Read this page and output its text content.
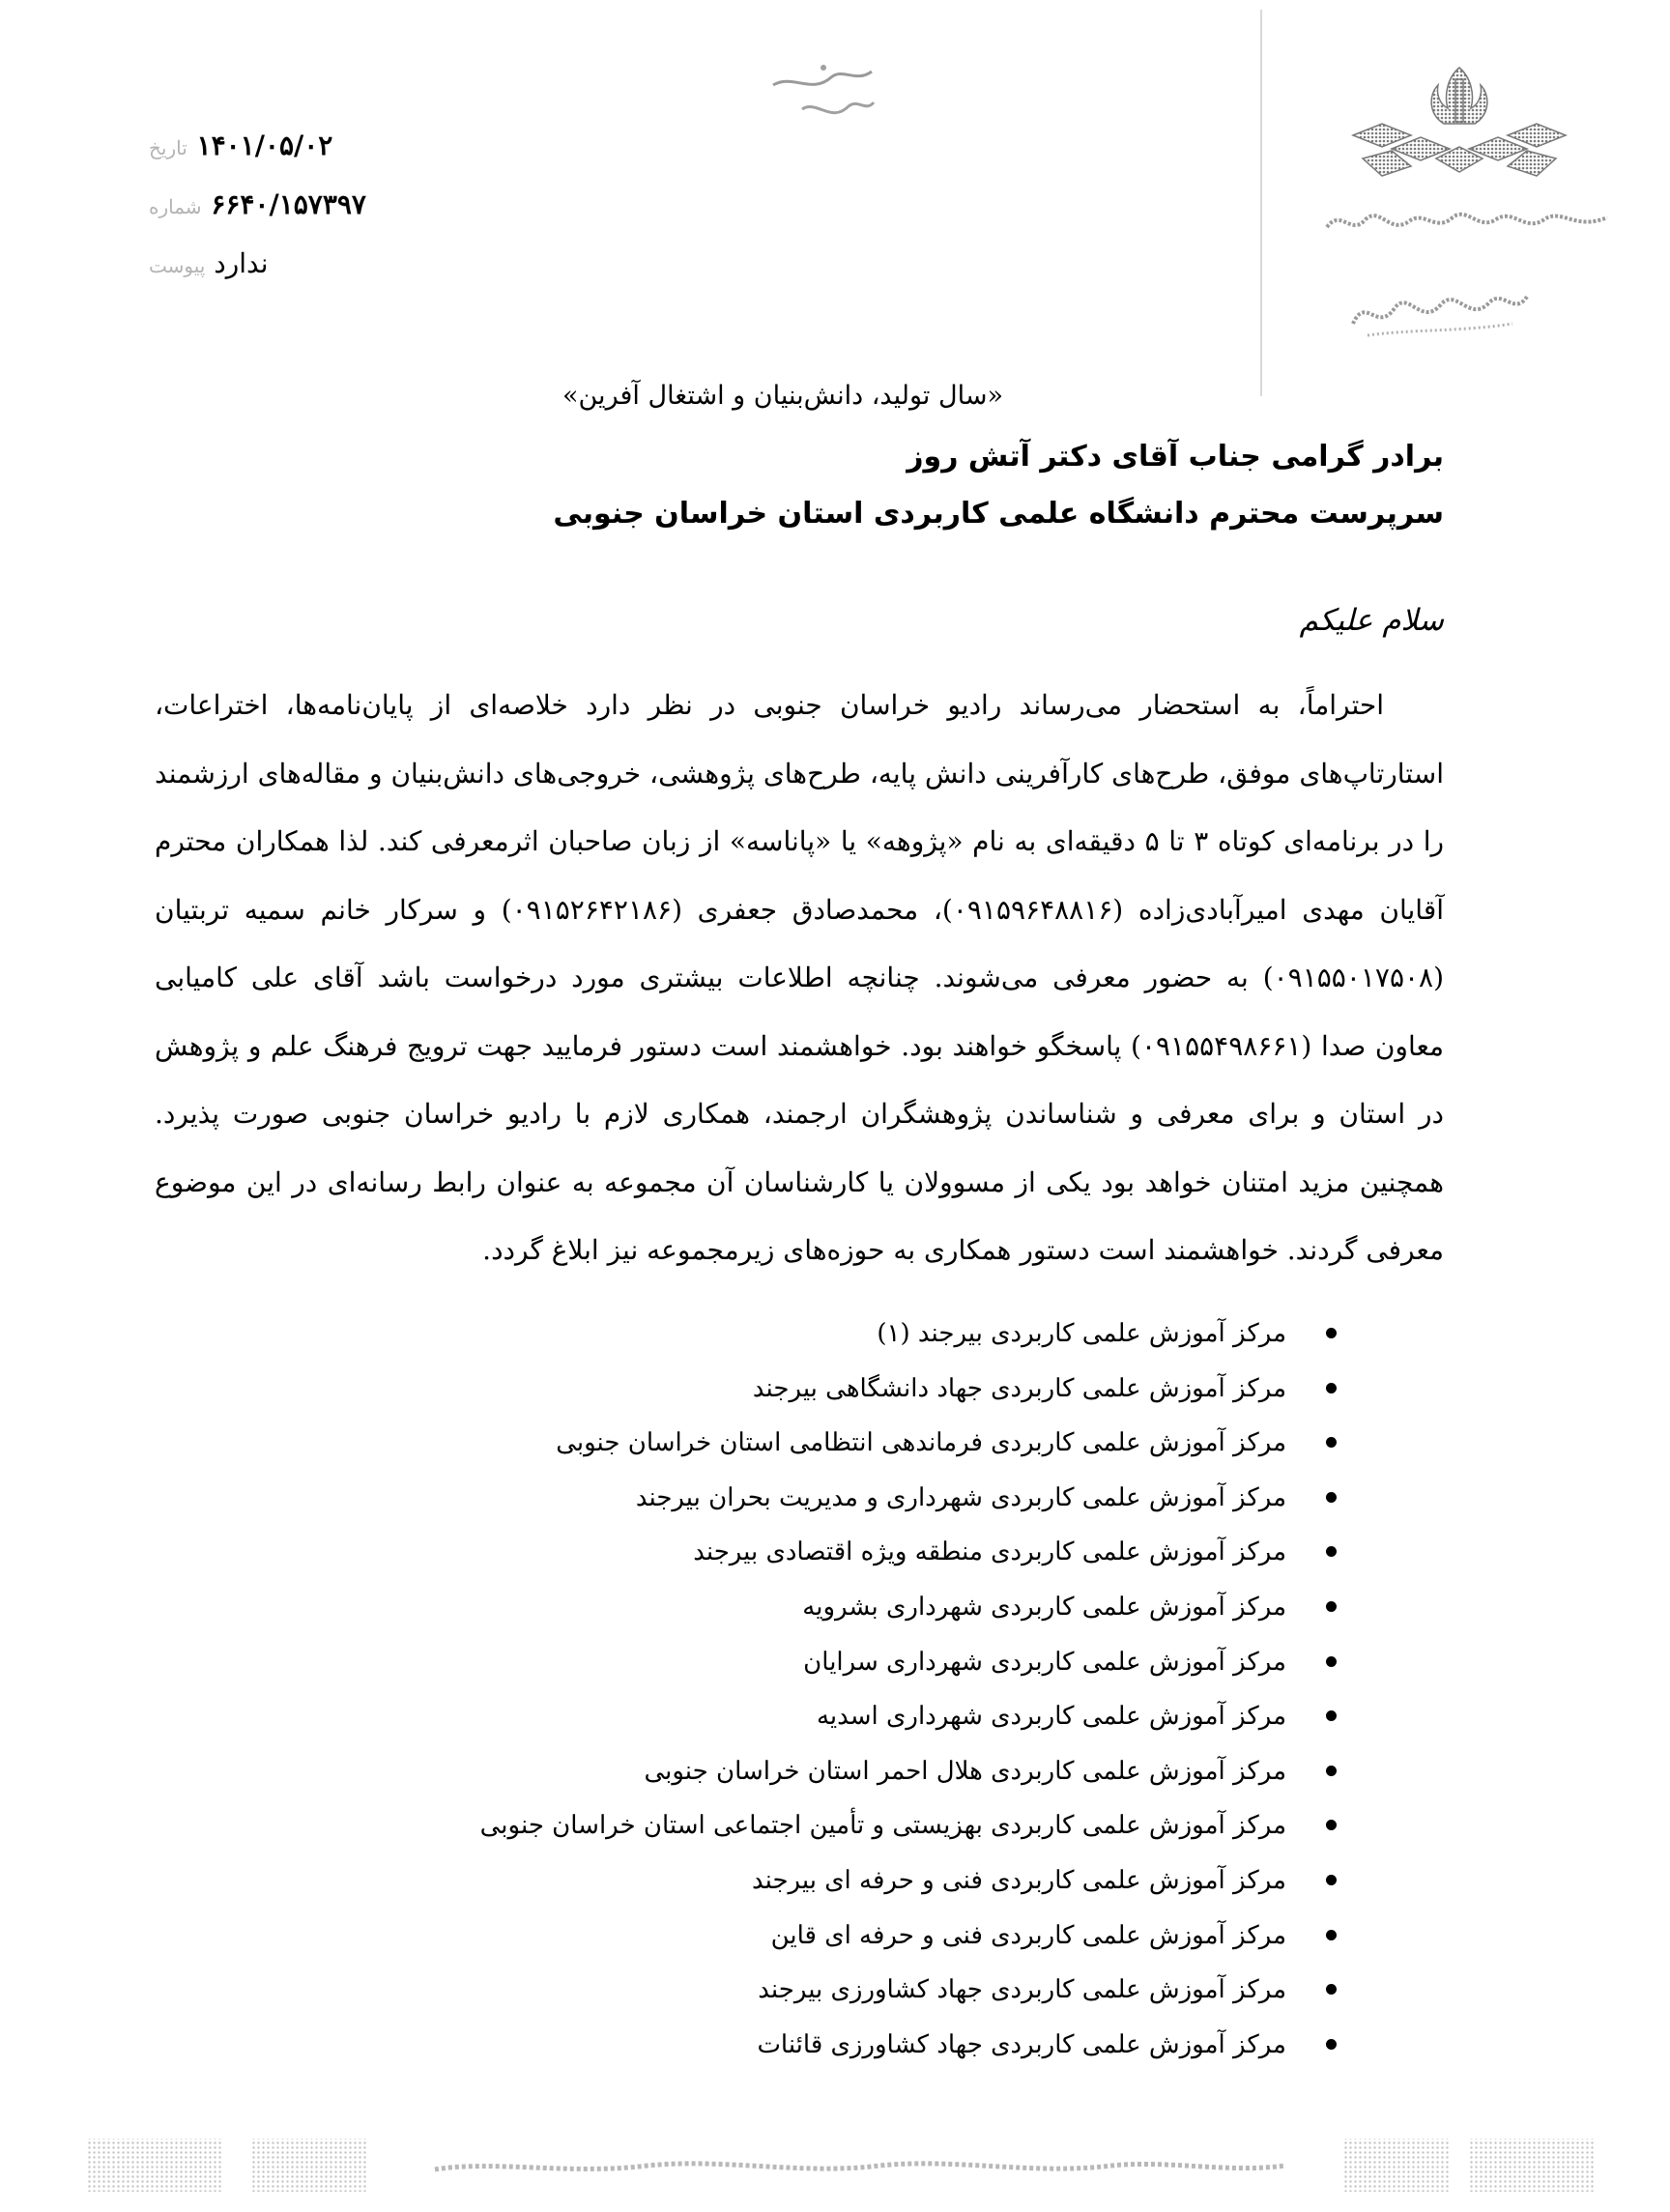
۱۴۰۱/۰۵/۰۲ تاریخ
۶۶۴۰/۱۵۷۳۹۷ شماره
ندارد پیوست
«سال تولید، دانش‌بنیان و اشتغال آفرین»
برادر گرامی جناب آقای دکتر آتش روز
سرپرست محترم دانشگاه علمی کاربردی استان خراسان جنوبی
سلام علیکم
احتراماً، به استحضار می‌رساند رادیو خراسان جنوبی در نظر دارد خلاصه‌ای از پایان‌نامه‌ها، اختراعات، استارتاپ‌های موفق، طرح‌های کارآفرینی دانش پایه، طرح‌های پژوهشی، خروجی‌های دانش‌بنیان و مقاله‌های ارزشمند را در برنامه‌ای کوتاه ۳ تا ۵ دقیقه‌ای به نام «پژوهه» یا «پاناسه» از زبان صاحبان اثرمعرفی کند. لذا همکاران محترم آقایان مهدی امیرآبادی‌زاده (۰۹۱۵۹۶۴۸۸۱۶)، محمدصادق جعفری (۰۹۱۵۲۶۴۲۱۸۶) و سرکار خانم سمیه تربتیان (۰۹۱۵۵۰۱۷۵۰۸) به حضور معرفی می‌شوند. چنانچه اطلاعات بیشتری مورد درخواست باشد آقای علی کامیابی معاون صدا (۰۹۱۵۵۴۹۸۶۶۱) پاسخگو خواهند بود. خواهشمند است دستور فرمایید جهت ترویج فرهنگ علم و پژوهش در استان و برای معرفی و شناساندن پژوهشگران ارجمند، همکاری لازم با رادیو خراسان جنوبی صورت پذیرد. همچنین مزید امتنان خواهد بود یکی از مسوولان یا کارشناسان آن مجموعه به عنوان رابط رسانه‌ای در این موضوع معرفی گردند. خواهشمند است دستور همکاری به حوزه‌های زیرمجموعه نیز ابلاغ گردد.
مرکز آموزش علمی کاربردی بیرجند (۱)
مرکز آموزش علمی کاربردی جهاد دانشگاهی بیرجند
مرکز آموزش علمی کاربردی فرماندهی انتظامی استان خراسان جنوبی
مرکز آموزش علمی کاربردی شهرداری و مدیریت بحران بیرجند
مرکز آموزش علمی کاربردی منطقه ویژه اقتصادی بیرجند
مرکز آموزش علمی کاربردی شهرداری بشرویه
مرکز آموزش علمی کاربردی شهرداری سرایان
مرکز آموزش علمی کاربردی شهرداری اسدیه
مرکز آموزش علمی کاربردی هلال احمر استان خراسان جنوبی
مرکز آموزش علمی کاربردی بهزیستی و تأمین اجتماعی استان خراسان جنوبی
مرکز آموزش علمی کاربردی فنی و حرفه ای بیرجند
مرکز آموزش علمی کاربردی فنی و حرفه ای قاین
مرکز آموزش علمی کاربردی جهاد کشاورزی بیرجند
مرکز آموزش علمی کاربردی جهاد کشاورزی قائنات
